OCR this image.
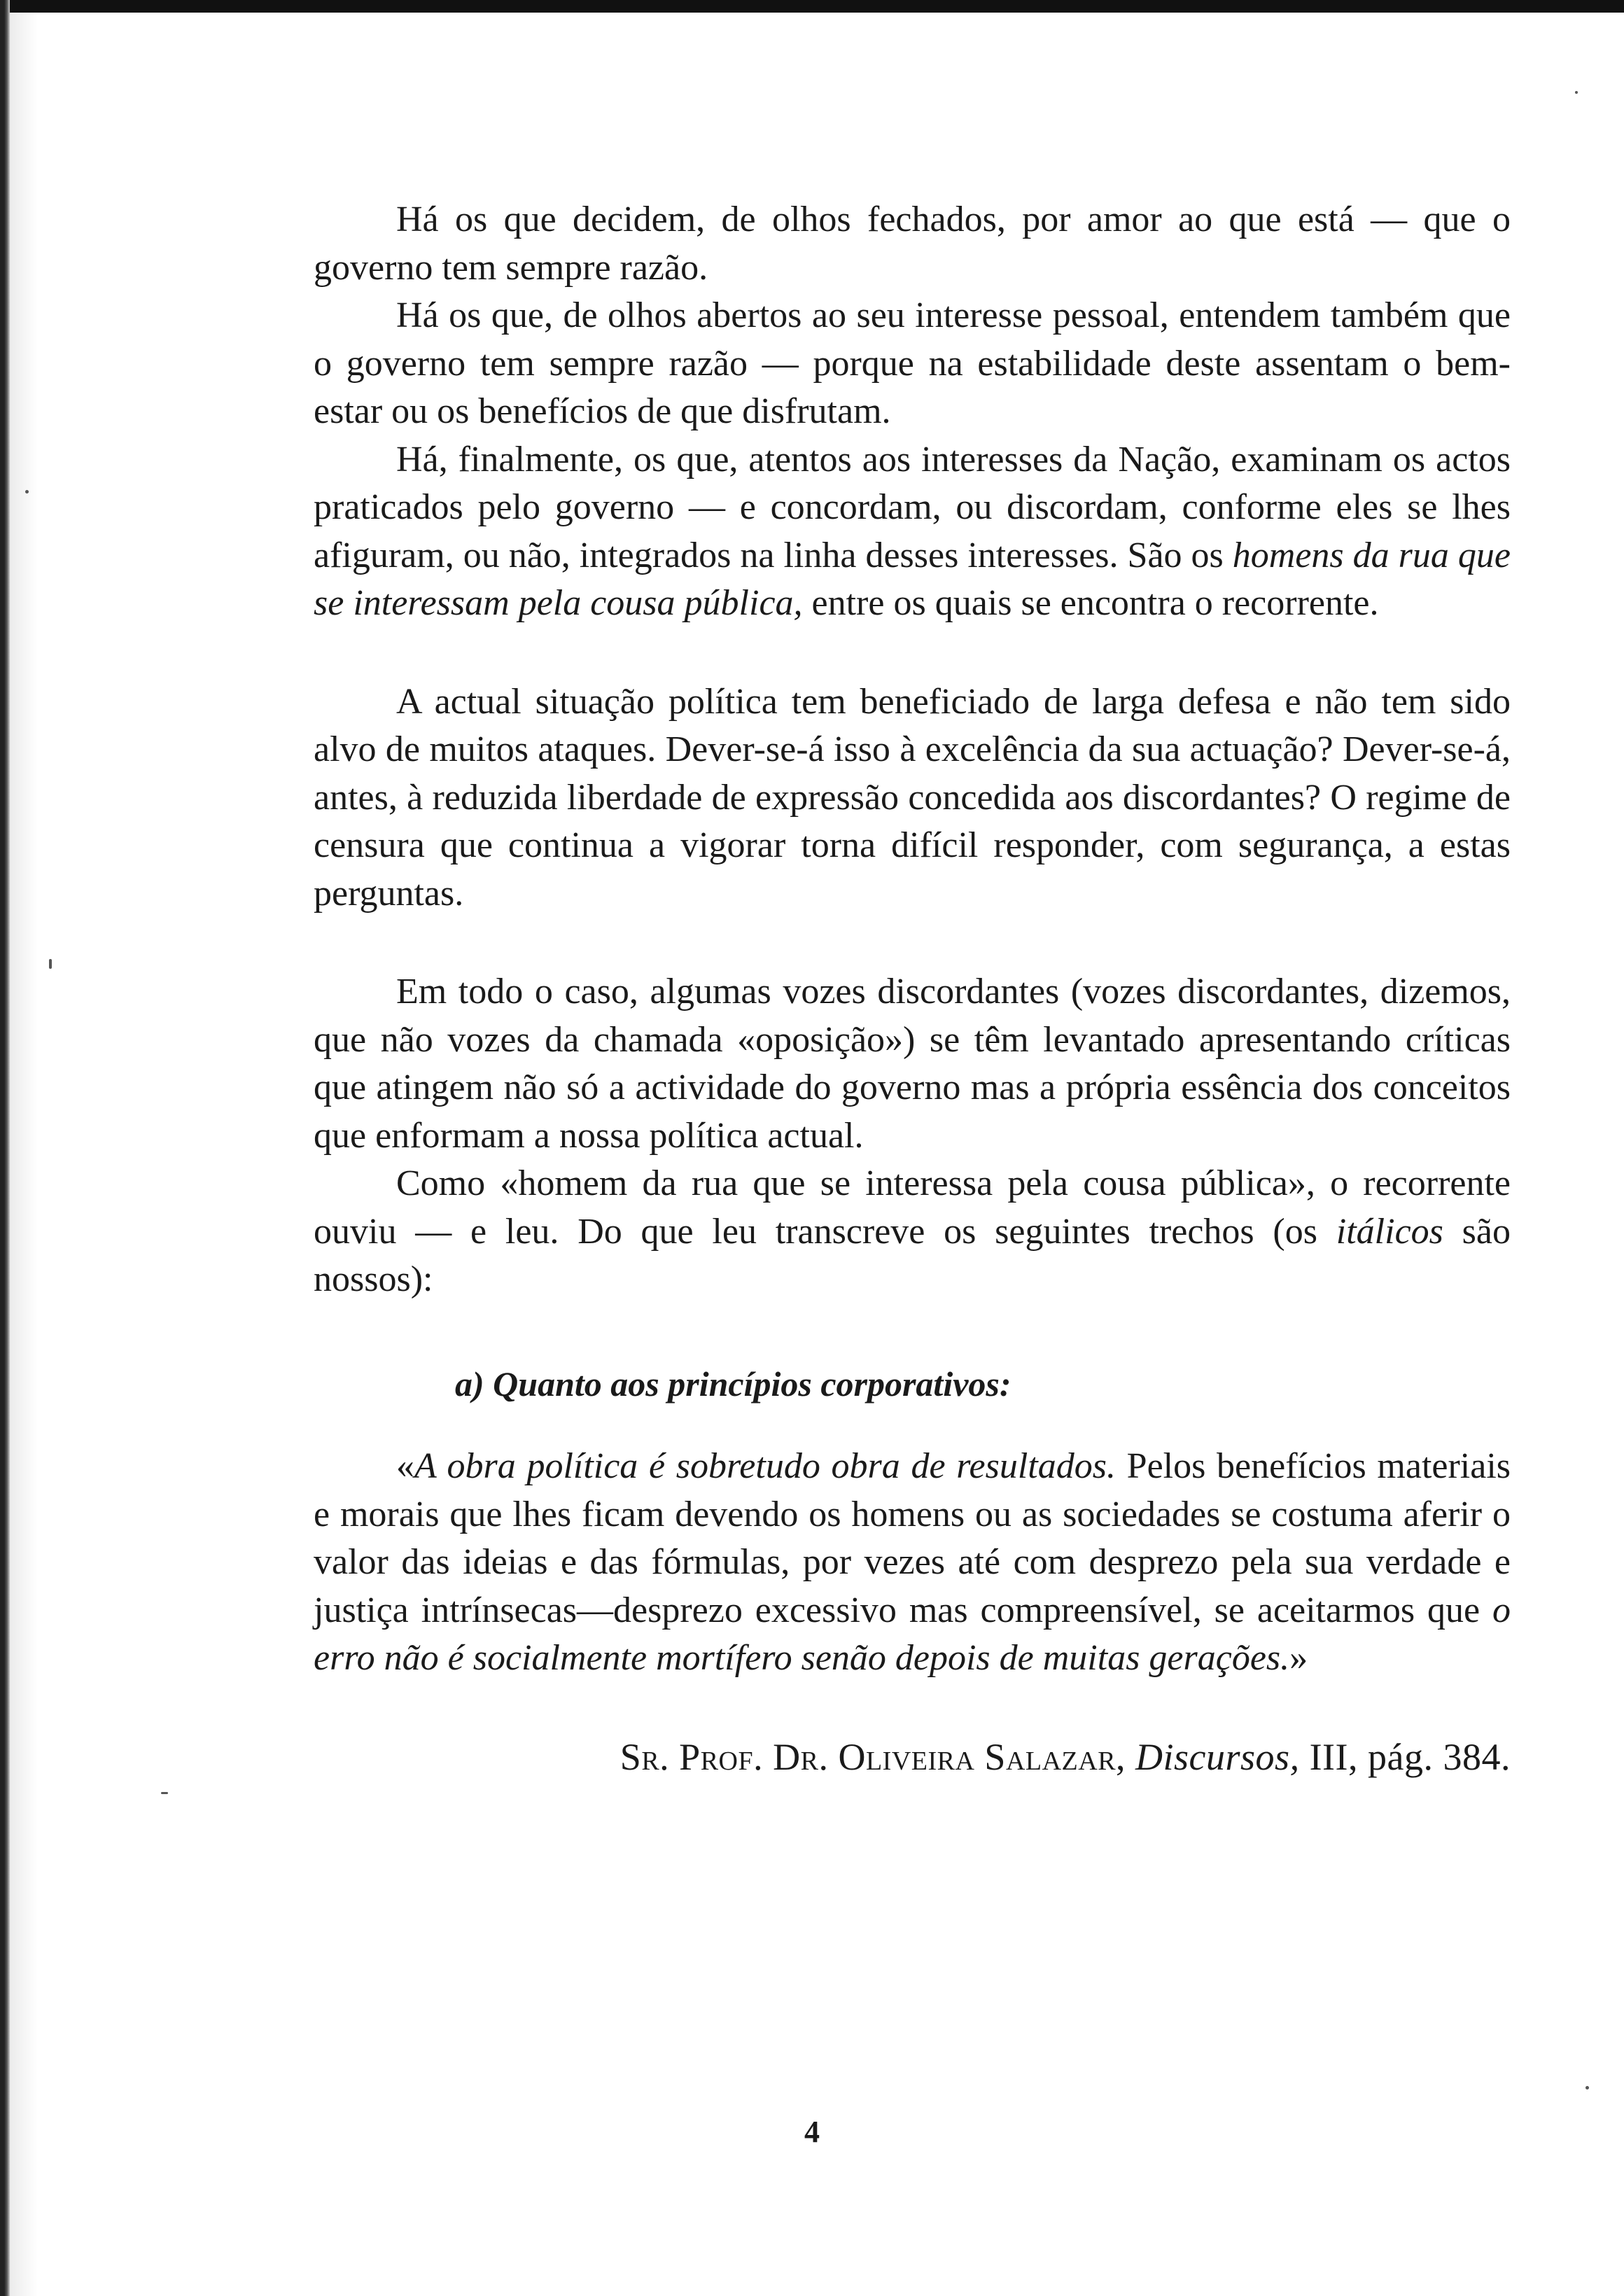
Há os que decidem, de olhos fechados, por amor ao que está — que o governo tem sempre razão.

Há os que, de olhos abertos ao seu interesse pessoal, entendem também que o governo tem sempre razão — porque na estabilidade deste assentam o bem-estar ou os benefícios de que disfrutam.

Há, finalmente, os que, atentos aos interesses da Nação, examinam os actos praticados pelo governo — e concordam, ou discordam, conforme eles se lhes afiguram, ou não, integrados na linha desses interesses. São os homens da rua que se interessam pela cousa pública, entre os quais se encontra o recorrente.

A actual situação política tem beneficiado de larga defesa e não tem sido alvo de muitos ataques. Dever-se-á isso à excelência da sua actuação? Dever-se-á, antes, à reduzida liberdade de expressão concedida aos discordantes? O regime de censura que continua a vigorar torna difícil responder, com segurança, a estas perguntas.

Em todo o caso, algumas vozes discordantes (vozes discordantes, dizemos, que não vozes da chamada «oposição») se têm levantado apresentando críticas que atingem não só a actividade do governo mas a própria essência dos conceitos que enformam a nossa política actual.

Como «homem da rua que se interessa pela cousa pública», o recorrente ouviu — e leu. Do que leu transcreve os seguintes trechos (os itálicos são nossos):

a) Quanto aos princípios corporativos:

«A obra política é sobretudo obra de resultados. Pelos benefícios materiais e morais que lhes ficam devendo os homens ou as sociedades se costuma aferir o valor das ideias e das fórmulas, por vezes até com desprezo pela sua verdade e justiça intrínsecas—desprezo excessivo mas compreensível, se aceitarmos que o erro não é socialmente mortífero senão depois de muitas gerações.»

Sr. Prof. Dr. Oliveira Salazar, Discursos, III, pág. 384.

4
